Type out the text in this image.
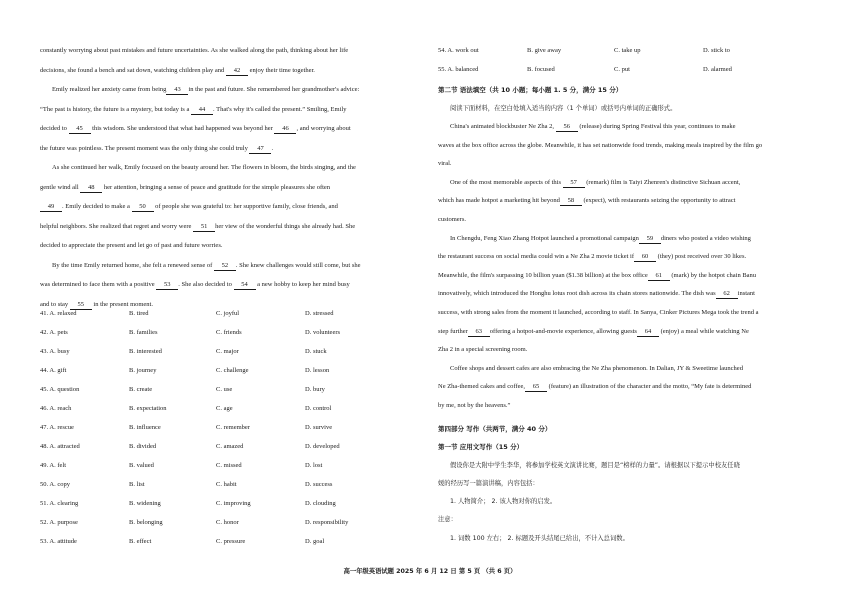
constantly worrying about past mistakes and future uncertainties. As she walked along the path, thinking about her life
decisions, she found a bench and sat down, watching children play and 42 enjoy their time together.
Emily realized her anxiety came from being 43 in the past and future. She remembered her grandmother's advice:
“The past is history, the future is a mystery, but today is a 44 . That's why it's called the present.” Smiling, Emily
decided to 45 this wisdom. She understood that what had happened was beyond her 46 , and worrying about
the future was pointless. The present moment was the only thing she could truly 47 .
As she continued her walk, Emily focused on the beauty around her. The flowers in bloom, the birds singing, and the
gentle wind all 48 her attention, bringing a sense of peace and gratitude for the simple pleasures she often
49 . Emily decided to make a 50 of people she was grateful to: her supportive family, close friends, and
helpful neighbors. She realized that regret and worry were 51 her view of the wonderful things she already had. She
decided to appreciate the present and let go of past and future worries.
By the time Emily returned home, she felt a renewed sense of 52 . She knew challenges would still come, but she
was determined to face them with a positive 53 . She also decided to 54 a new hobby to keep her mind busy
and to stay 55 in the present moment.
41. A. relaxed	B. tired	C. joyful	D. stressed
42. A. pets	B. families	C. friends	D. volunteers
43. A. busy	B. interested	C. major	D. stuck
44. A. gift	B. journey	C. challenge	D. lesson
45. A. question	B. create	C. use	D. bury
46. A. reach	B. expectation	C. age	D. control
47. A. rescue	B. influence	C. remember	D. survive
48. A. attracted	B. divided	C. amazed	D. developed
49. A. felt	B. valued	C. missed	D. lost
50. A. copy	B. list	C. habit	D. success
51. A. clearing	B. widening	C. improving	D. clouding
52. A. purpose	B. belonging	C. honor	D. responsibility
53. A. attitude	B. effect	C. pressure	D. goal
54. A. work out	B. give away	C. take up	D. stick to
55. A. balanced	B. focused	C. put	D. alarmed
第二节 语法填空（共 10 小题；每小题 1. 5 分，满分 15 分）
阅读下面材料，在空白处填入适当的内容（1 个单词）或括号内单词的正确形式。
China's animated blockbuster Ne Zha 2, 56 (release) during Spring Festival this year, continues to make
waves at the box office across the globe. Meanwhile, it has set nationwide food trends, making meals inspired by the film go
viral.
One of the most memorable aspects of this 57 (remark) film is Taiyi Zhenren's distinctive Sichuan accent,
which has made hotpot a marketing hit beyond 58 (expect), with restaurants seizing the opportunity to attract
customers.
In Chengdu, Feng Xiao Zhang Hotpot launched a promotional campaign 59 diners who posted a video wishing
the restaurant success on social media could win a Ne Zha 2 movie ticket if 60 (they) post received over 30 likes.
Meanwhile, the film's surpassing 10 billion yuan ($1.38 billion) at the box office 61 (mark) by the hotpot chain Banu
innovatively, which introduced the Honghu lotus root dish across its chain stores nationwide. The dish was 62 instant
success, with strong sales from the moment it launched, according to staff. In Sanya, Cinker Pictures Mega took the trend a
step further 63 offering a hotpot-and-movie experience, allowing guests 64 (enjoy) a meal while watching Ne
Zha 2 in a special screening room.
Coffee shops and dessert cafes are also embracing the Ne Zha phenomenon. In Dalian, JY & Sweetime launched
Ne Zha-themed cakes and coffee, 65 (feature) an illustration of the character and the motto, “My fate is determined
by me, not by the heavens.”
第四部分 写作（共两节，满分 40 分）
第一节 应用文写作（15 分）
假设你是大附中学生李华，将参加学校英文演讲比赛，题目是“榜样的力量”。请根据以下提示中校友任晓
媛的经历写一篇演讲稿，内容包括：
1. 人物简介； 2. 该人物对你的启发。
注意：
1. 词数 100 左右； 2. 标题及开头结尾已给出，不计入总词数。
高一年级英语试题 2025 年 6 月 12 日 第 5 页 （共 6 页）
